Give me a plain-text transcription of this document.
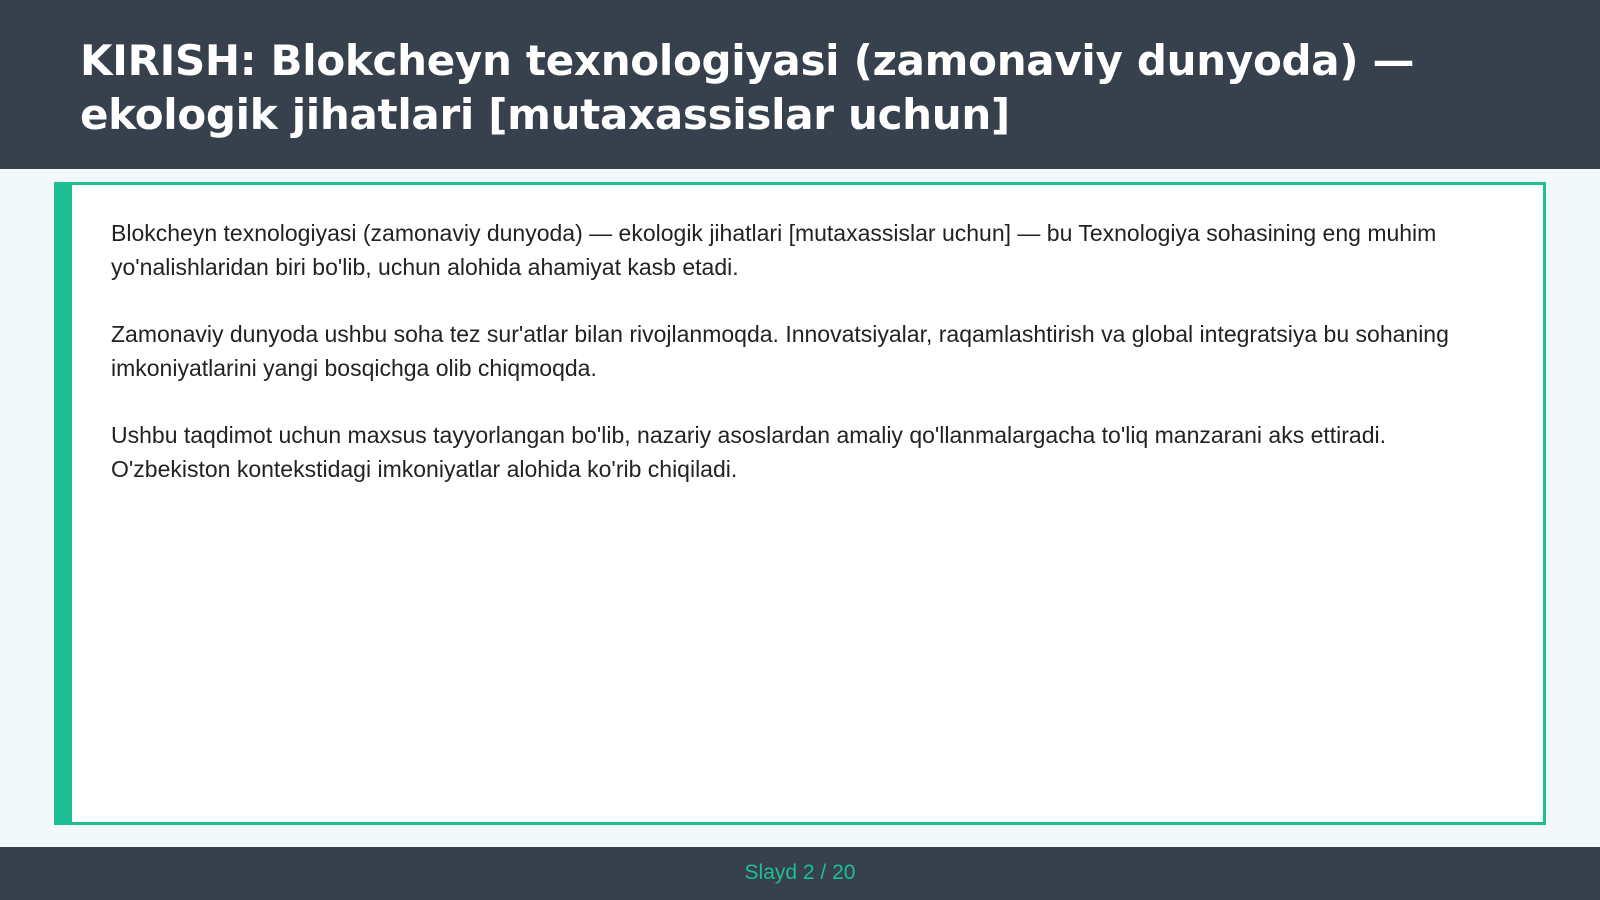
KIRISH: Blokcheyn texnologiyasi (zamonaviy dunyoda) — ekologik jihatlari [mutaxassislar uchun]

Blokcheyn texnologiyasi (zamonaviy dunyoda) — ekologik jihatlari [mutaxassislar uchun] — bu Texnologiya sohasining eng muhim yo'nalishlaridan biri bo'lib, uchun alohida ahamiyat kasb etadi.

Zamonaviy dunyoda ushbu soha tez sur'atlar bilan rivojlanmoqda. Innovatsiyalar, raqamlashtirish va global integratsiya bu sohaning imkoniyatlarini yangi bosqichga olib chiqmoqda.

Ushbu taqdimot uchun maxsus tayyorlangan bo'lib, nazariy asoslardan amaliy qo'llanmalargacha to'liq manzarani aks ettiradi. O'zbekiston kontekstidagi imkoniyatlar alohida ko'rib chiqiladi.

Slayd 2 / 20
